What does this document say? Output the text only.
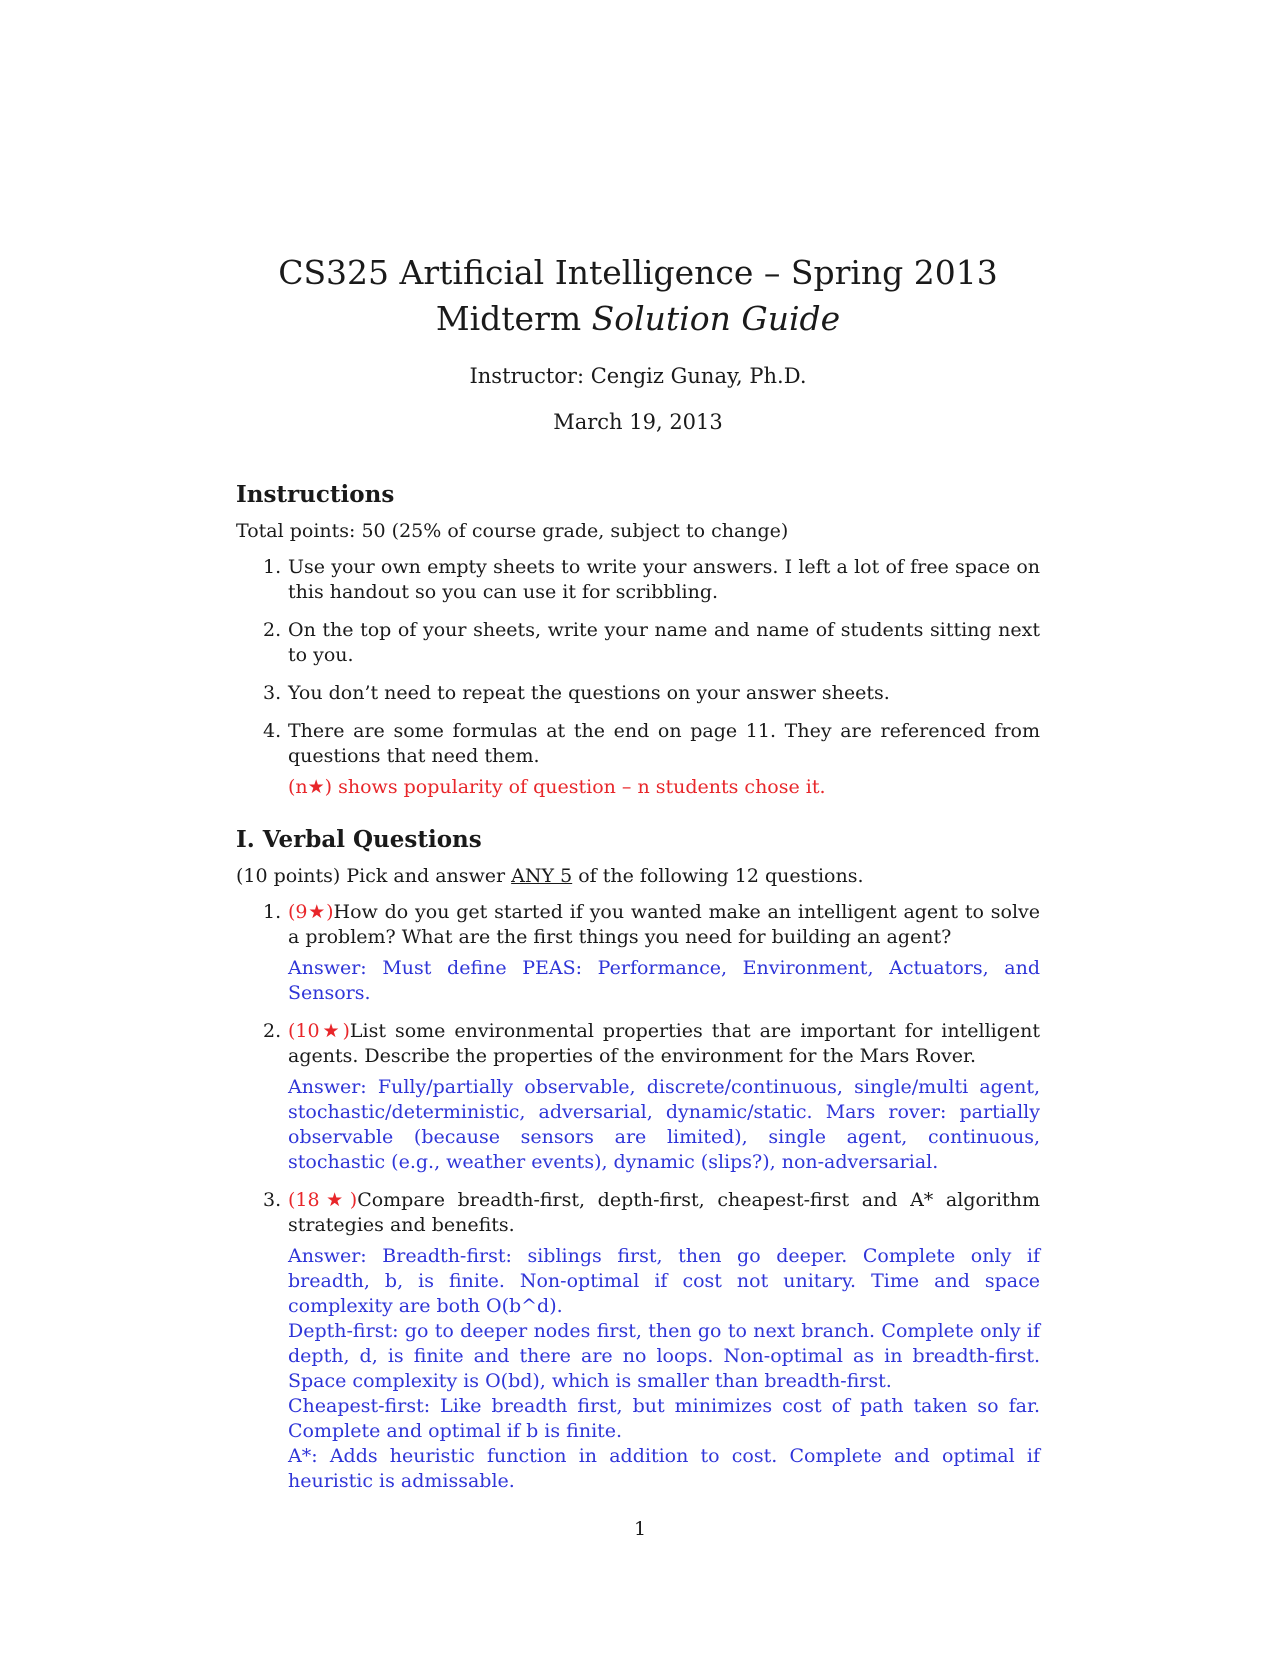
CS325 Artificial Intelligence – Spring 2013
Midterm Solution Guide

Instructor: Cengiz Gunay, Ph.D.

March 19, 2013

Instructions

Total points: 50 (25% of course grade, subject to change)

1. Use your own empty sheets to write your answers. I left a lot of free space on this handout so you can use it for scribbling.
2. On the top of your sheets, write your name and name of students sitting next to you.
3. You don’t need to repeat the questions on your answer sheets.
4. There are some formulas at the end on page 11. They are referenced from questions that need them.
(n★) shows popularity of question – n students chose it.
I. Verbal Questions

(10 points) Pick and answer ANY 5 of the following 12 questions.

1. (9★)How do you get started if you wanted make an intelligent agent to solve a problem? What are the first things you need for building an agent?
Answer: Must define PEAS: Performance, Environment, Actuators, and Sensors.
2. (10★)List some environmental properties that are important for intelligent agents. Describe the properties of the environment for the Mars Rover.
Answer: Fully/partially observable, discrete/continuous, single/multi agent, stochastic/deterministic, adversarial, dynamic/static. Mars rover: partially observable (because sensors are limited), single agent, continuous, stochastic (e.g., weather events), dynamic (slips?), non-adversarial.
3. (18★)Compare breadth-first, depth-first, cheapest-first and A* algorithm strategies and benefits.
Answer: Breadth-first: siblings first, then go deeper. Complete only if breadth, b, is finite. Non-optimal if cost not unitary. Time and space complexity are both O(b^d).
Depth-first: go to deeper nodes first, then go to next branch. Complete only if depth, d, is finite and there are no loops. Non-optimal as in breadth-first. Space complexity is O(bd), which is smaller than breadth-first.
Cheapest-first: Like breadth first, but minimizes cost of path taken so far. Complete and optimal if b is finite.
A*: Adds heuristic function in addition to cost. Complete and optimal if heuristic is admissable.
1
